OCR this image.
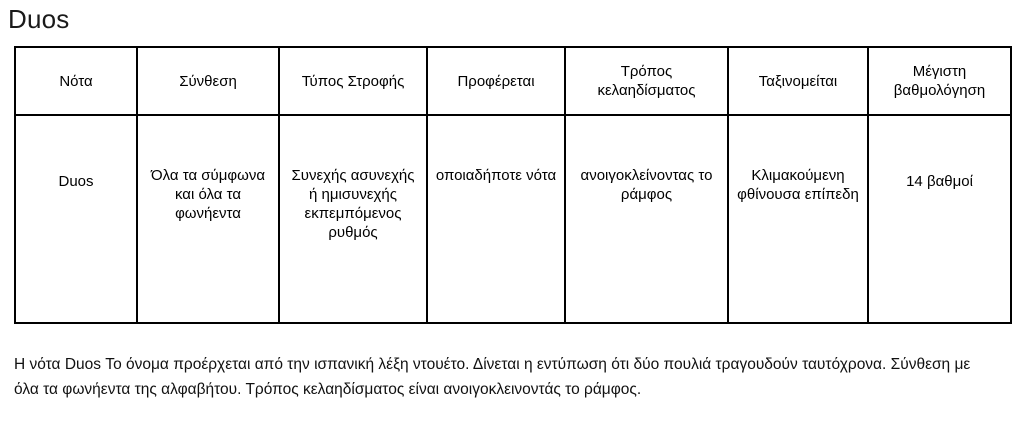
Duos
Νότα	Σύνθεση	Τύπος Στροφής	Προφέρεται	Τρόπος κελαηδίσματος	Ταξινομείται	Μέγιστη βαθμολόγηση
Duos	Όλα τα σύμφωνα και όλα τα φωνήεντα	Συνεχής ασυνεχής ή ημισυνεχής εκπεμπόμενος ρυθμός	οποιαδήποτε νότα	ανοιγοκλείνοντας το ράμφος	Κλιμακούμενη φθίνουσα επίπεδη	14 βαθμοί
Η νότα Duos Το όνομα προέρχεται από την ισπανική λέξη ντουέτο. Δίνεται η εντύπωση ότι δύο πουλιά τραγουδούν ταυτόχρονα. Σύνθεση με όλα τα φωνήεντα της αλφαβήτου. Τρόπος κελαηδίσματος είναι ανοιγοκλεινοντάς το ράμφος.
